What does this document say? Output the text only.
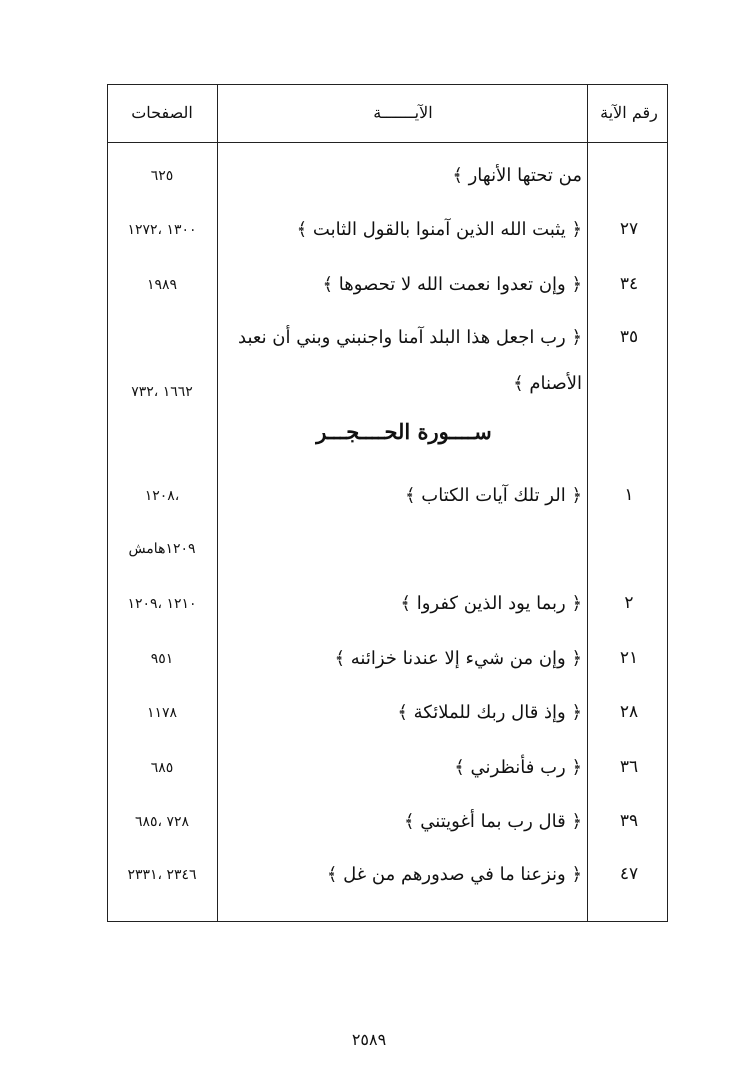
رقم الآية
الآيـــــــة
الصفحات
من تحتها الأنهار ﴾
٦٢٥
٢٧
﴿ يثبت الله الذين آمنوا بالقول الثابت ﴾
١٣٠٠ ،١٢٧٢
٣٤
﴿ وإن تعدوا نعمت الله لا تحصوها ﴾
١٩٨٩
٣٥
﴿ رب اجعل هذا البلد آمنا واجنبني وبني أن نعبد
الأصنام ﴾
١٦٦٢ ،٧٣٢
ســــورة الحــــجـــر
١
﴿ الر تلك آيات الكتاب ﴾
،١٢٠٨
١٢٠٩هامش
٢
﴿ ربما يود الذين كفروا ﴾
١٢١٠ ،١٢٠٩
٢١
﴿ وإن من شيء إلا عندنا خزائنه ﴾
٩٥١
٢٨
﴿ وإذ قال ربك للملائكة ﴾
١١٧٨
٣٦
﴿ رب فأنظرني ﴾
٦٨٥
٣٩
﴿ قال رب بما أغويتني ﴾
٧٢٨ ،٦٨٥
٤٧
﴿ ونزعنا ما في صدورهم من غل ﴾
٢٣٤٦ ،٢٣٣١
٢٥٨٩
